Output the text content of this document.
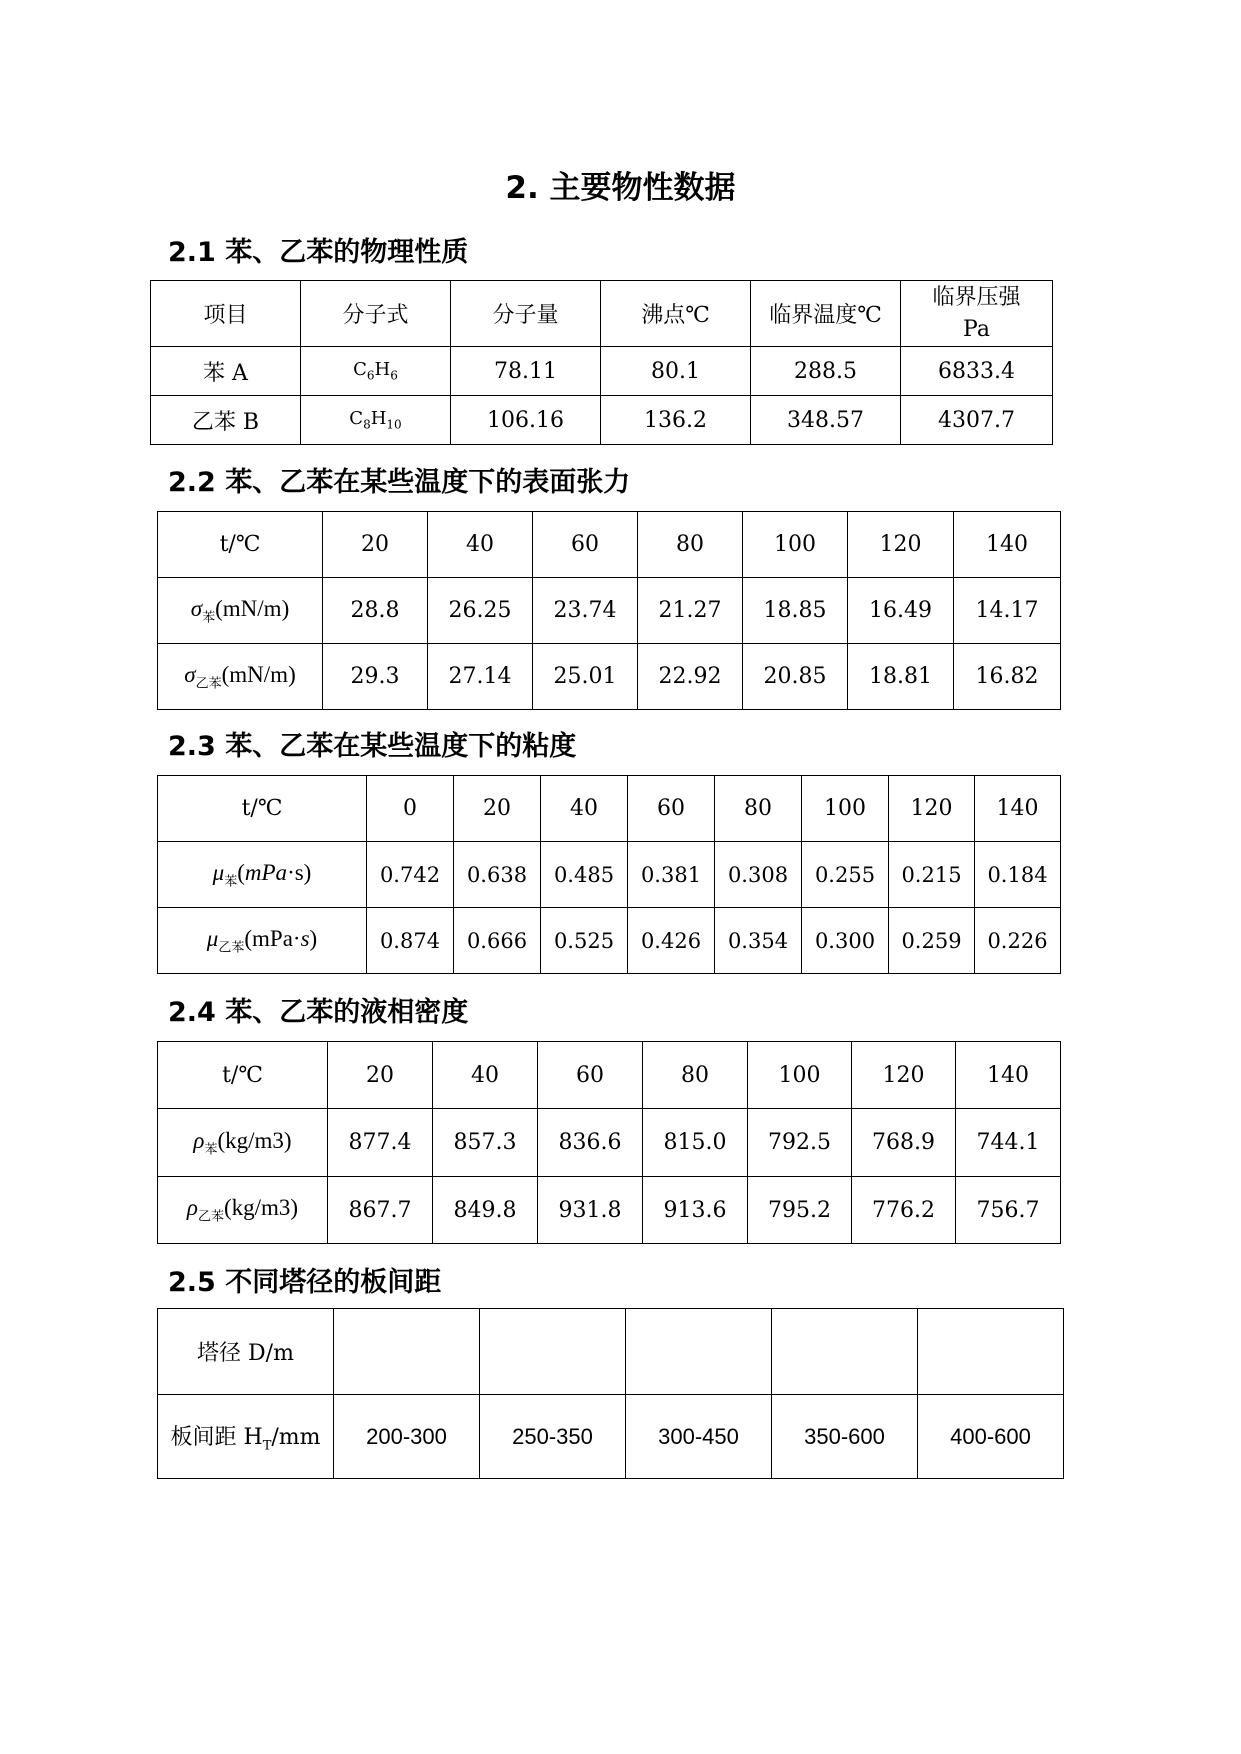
2. 主要物性数据
2.1 苯、乙苯的物理性质
项目	分子式	分子量	沸点℃	临界温度℃	临界压强
Pa

苯 A	$C_6H_6$	78.11	80.1	288.5	6833.4
乙苯 B	$C_8H_{10}$	106.16	136.2	348.57	4307.7
2.2 苯、乙苯在某些温度下的表面张力
t/℃	20	40	60	80	100	120	140
$\sigma_苯(mN/m)$	28.8	26.25	23.74	21.27	18.85	16.49	14.17
$\sigma_{乙苯}(mN/m)$	29.3	27.14	25.01	22.92	20.85	18.81	16.82
2.3 苯、乙苯在某些温度下的粘度
t/℃	0	20	40	60	80	100	120	140
$\mu_苯(mPa\cdot s)$	0.742	0.638	0.485	0.381	0.308	0.255	0.215	0.184
$\mu_{乙苯}(mPa\cdot s)$	0.874	0.666	0.525	0.426	0.354	0.300	0.259	0.226
2.4 苯、乙苯的液相密度
t/℃	20	40	60	80	100	120	140
$\rho_苯(kg/m3)$	877.4	857.3	836.6	815.0	792.5	768.9	744.1
$\rho_{乙苯}(kg/m3)$	867.7	849.8	931.8	913.6	795.2	776.2	756.7
2.5 不同塔径的板间距
塔径 D/m					
板间距 $H_T/mm$	200-300	250-350	300-450	350-600	400-600
